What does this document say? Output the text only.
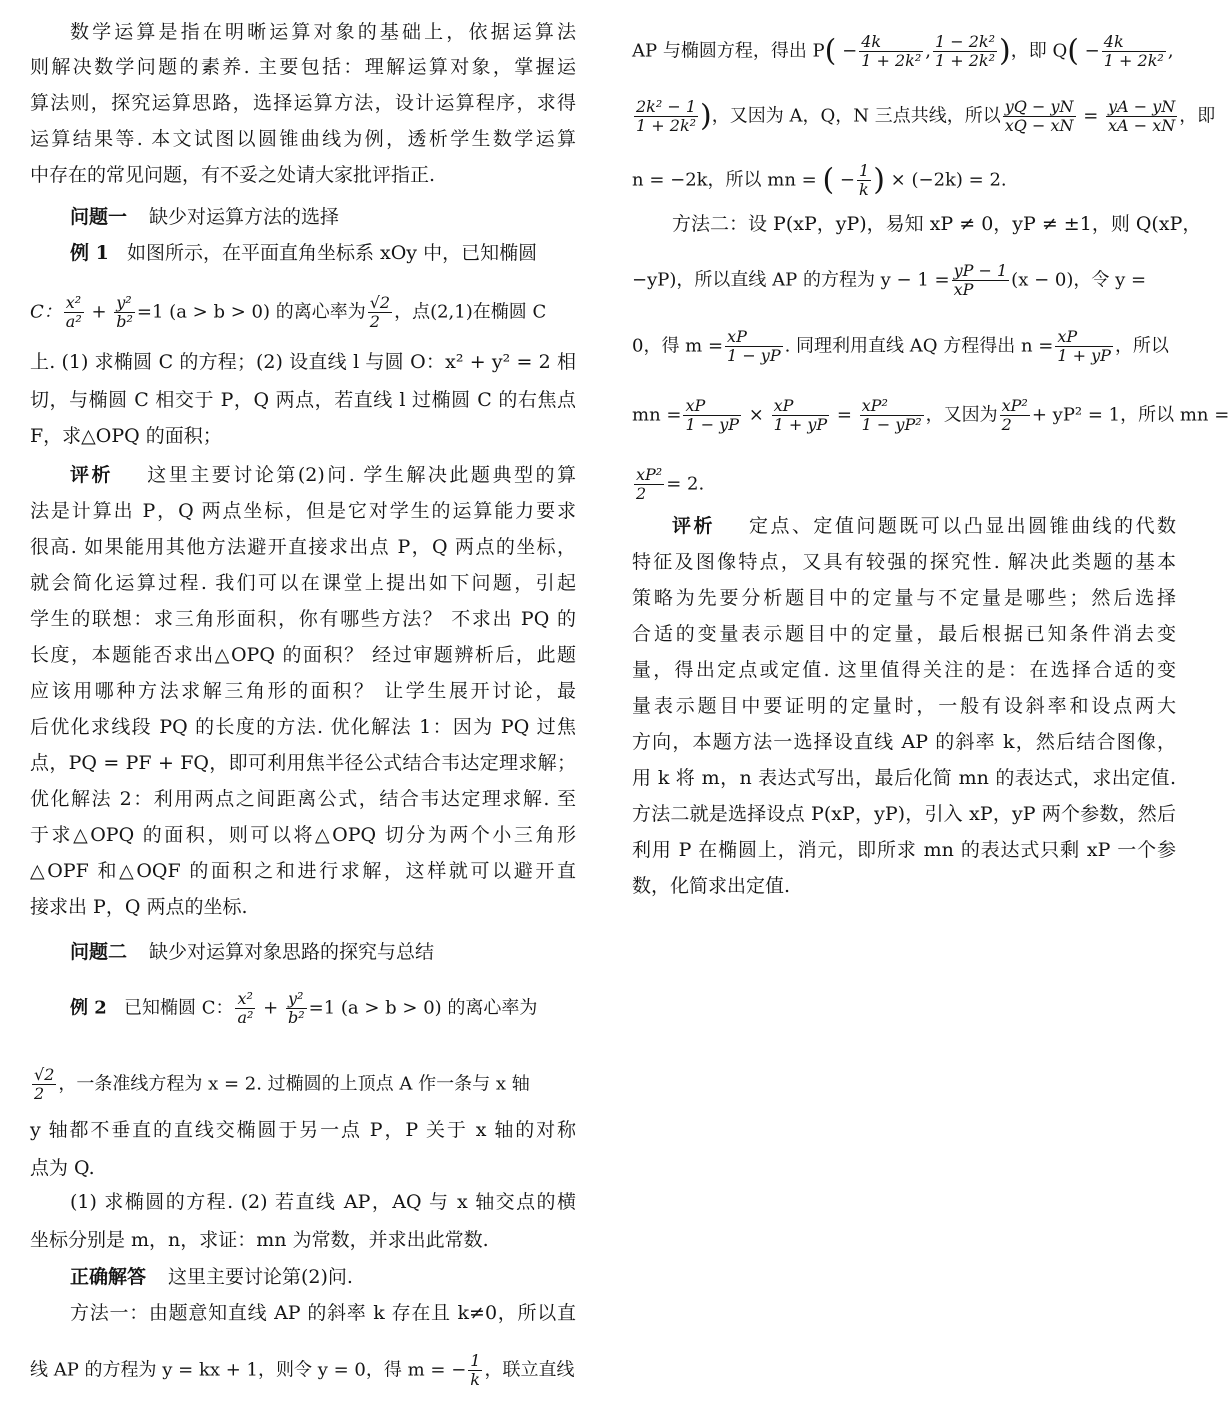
数学运算是指在明晰运算对象的基础上，依据运算法
则解决数学问题的素养. 主要包括：理解运算对象，掌握运
算法则，探究运算思路，选择运算方法，设计运算程序，求得
运算结果等. 本文试图以圆锥曲线为例，透析学生数学运算
中存在的常见问题，有不妥之处请大家批评指正.
问题一 缺少对运算方法的选择
例 1 如图所示，在平面直角坐标系 xOy 中，已知椭圆
C： $\frac{\text{x²}}{\text{a²}} + \frac{\text{y²}}{\text{b²}} =1$ (a > b > 0) 的离心率为 $\frac{√2}{2}$ ，点(2,1)在椭圆 C
上. (1) 求椭圆 C 的方程；(2) 设直线 l 与圆 O：x² + y² = 2 相
切，与椭圆 C 相交于 P，Q 两点，若直线 l 过椭圆 C 的右焦点
F，求△OPQ 的面积；
评析 这里主要讨论第(2)问. 学生解决此题典型的算
法是计算出 P，Q 两点坐标，但是它对学生的运算能力要求
很高. 如果能用其他方法避开直接求出点 P，Q 两点的坐标，
就会简化运算过程. 我们可以在课堂上提出如下问题，引起
学生的联想：求三角形面积，你有哪些方法？ 不求出 PQ 的
长度，本题能否求出△OPQ 的面积？ 经过审题辨析后，此题
应该用哪种方法求解三角形的面积？ 让学生展开讨论，最
后优化求线段 PQ 的长度的方法. 优化解法 1：因为 PQ 过焦
点，PQ = PF + FQ，即可利用焦半径公式结合韦达定理求解；
优化解法 2：利用两点之间距离公式，结合韦达定理求解. 至
于求△OPQ 的面积，则可以将△OPQ 切分为两个小三角形
△OPF 和△OQF 的面积之和进行求解，这样就可以避开直
接求出 P，Q 两点的坐标.
问题二 缺少对运算对象思路的探究与总结
例 2 已知椭圆 C： $\frac{\text{x²}}{\text{a²}} + \frac{\text{y²}}{\text{b²}} =1$ (a > b > 0) 的离心率为
$\frac{√2}{2}$ ，一条准线方程为 x = 2. 过椭圆的上顶点 A 作一条与 x 轴
y 轴都不垂直的直线交椭圆于另一点 P，P 关于 x 轴的对称
点为 Q.
(1) 求椭圆的方程. (2) 若直线 AP，AQ 与 x 轴交点的横
坐标分别是 m，n，求证：mn 为常数，并求出此常数.
正确解答 这里主要讨论第(2)问.
方法一：由题意知直线 AP 的斜率 k 存在且 k≠0，所以直
线 AP 的方程为 y = kx + 1，则令 y = 0，得 m = − $\frac{1}{k}$ ，联立直线
AP 与椭圆方程，得出 $P( - \frac{4k}{\text{1 + 2k²}}$ , $\frac{\text{1 − 2k²}}{\text{1 + 2k²}}$ )，即 $Q( - \frac{4k}{\text{1 + 2k²}}$ ,
$\frac{\text{2k² − 1}}{\text{1 + 2k²}}$ )，又因为 A，Q，N 三点共线，所以 $\frac{yQ - yN}{xQ - xN} = \frac{yA - yN}{xA - xN}$ ，即
n = −2k，所以 mn = ( − $\frac{1}{k}$ ) × (−2k) = 2.
方法二：设 P(xP，yP)，易知 xP ≠ 0，yP ≠ ±1，则 Q(xP，
−yP)，所以直线 AP 的方程为 $y - 1 = \frac{yP - 1}{xP} (x - 0)$，令 y =
0，得 $m = \frac{xP}{1 - yP}$ . 同理利用直线 AQ 方程得出 $n = \frac{xP}{1 + yP}$ ，所以
mn = $\frac{xP}{1 - yP} \times \frac{xP}{1 + yP} = \frac{\text{xP²}}{\text{1 − yP²}}$ ，又因为 $\frac{\text{xP²}}{2} + yP^2 = 1$，所以 mn =
$\frac{\text{xP²}}{2} = 2$.
评析 定点、定值问题既可以凸显出圆锥曲线的代数
特征及图像特点，又具有较强的探究性. 解决此类题的基本
策略为先要分析题目中的定量与不定量是哪些；然后选择
合适的变量表示题目中的定量，最后根据已知条件消去变
量，得出定点或定值. 这里值得关注的是：在选择合适的变
量表示题目中要证明的定量时，一般有设斜率和设点两大
方向，本题方法一选择设直线 AP 的斜率 k，然后结合图像，
用 k 将 m，n 表达式写出，最后化简 mn 的表达式，求出定值.
方法二就是选择设点 P(xP，yP)，引入 xP，yP 两个参数，然后
利用 P 在椭圆上，消元，即所求 mn 的表达式只剩 xP 一个参
数，化简求出定值.
